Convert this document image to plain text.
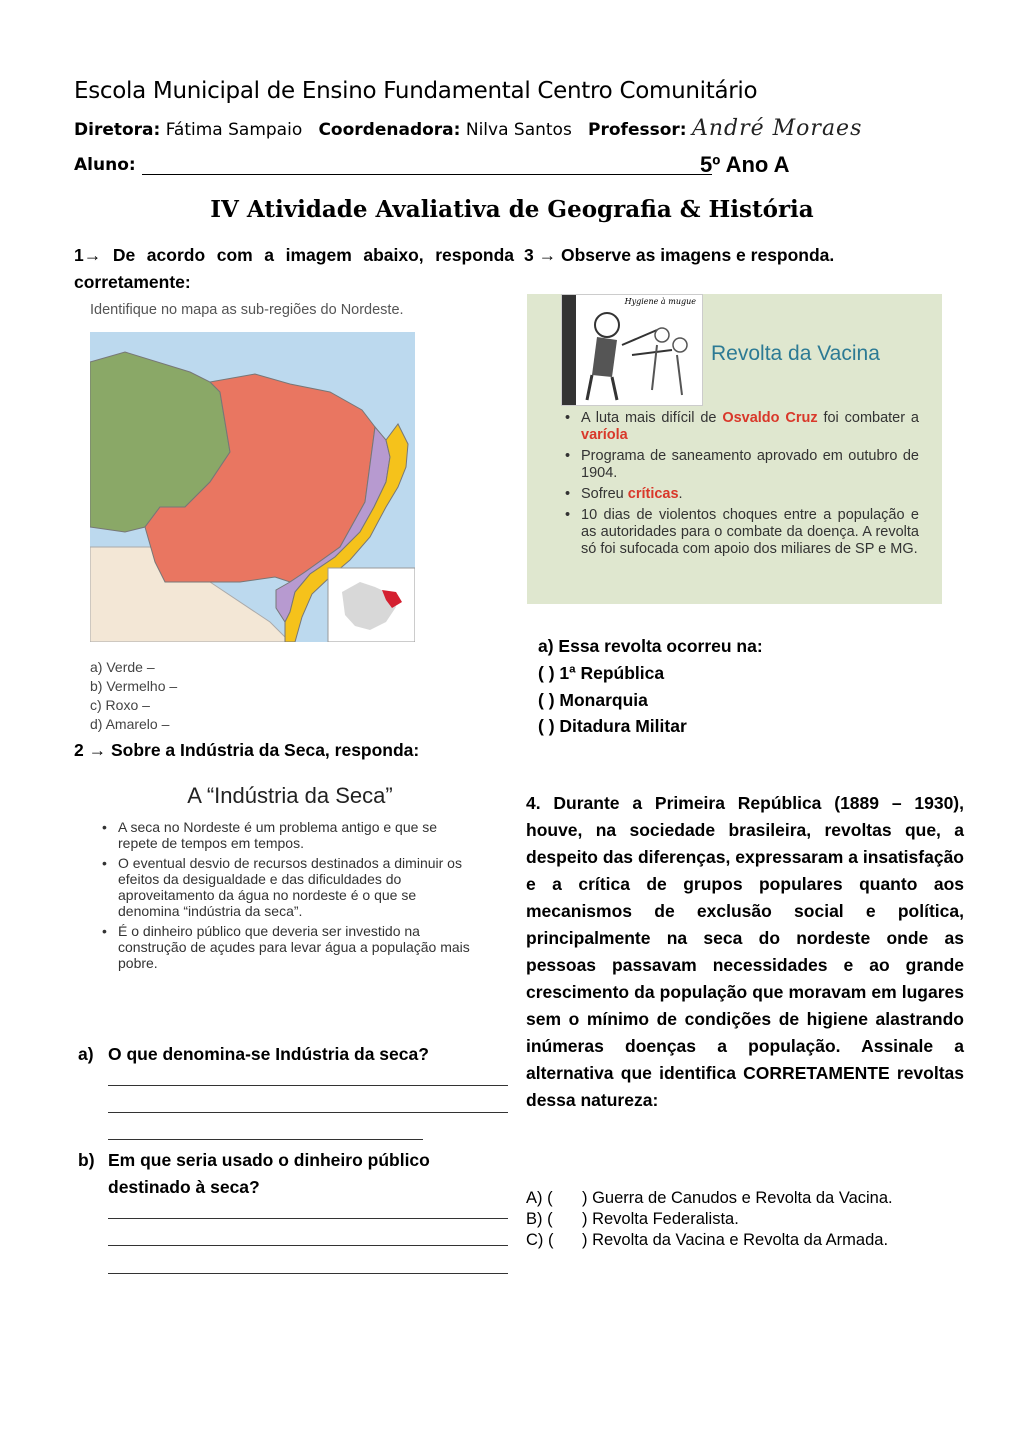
Escola Municipal de Ensino Fundamental Centro Comunitário
Diretora: Fátima Sampaio Coordenadora: Nilva Santos Professor: André Moraes
Aluno:	5º Ano A
IV Atividade Avaliativa de Geografia & História
1→ De acordo com a imagem abaixo, responda corretamente:
Identifique no mapa as sub-regiões do Nordeste.
a) Verde –
b) Vermelho –
c) Roxo –
d) Amarelo –
2 → Sobre a Indústria da Seca, responda:
A “Indústria da Seca”
• A seca no Nordeste é um problema antigo e que se repete de tempos em tempos.
• O eventual desvio de recursos destinados a diminuir os efeitos da desigualdade e das dificuldades do aproveitamento da água no nordeste é o que se denomina “indústria da seca”.
• É o dinheiro público que deveria ser investido na construção de açudes para levar água a população mais pobre.
a) O que denomina-se Indústria da seca?
b) Em que seria usado o dinheiro público destinado à seca?
3 → Observe as imagens e responda.
Hygiene à mugue
Revolta da Vacina
• A luta mais difícil de Osvaldo Cruz foi combater a varíola
• Programa de saneamento aprovado em outubro de 1904.
• Sofreu críticas.
• 10 dias de violentos choques entre a população e as autoridades para o combate da doença. A revolta só foi sufocada com apoio dos miliares de SP e MG.
a) Essa revolta ocorreu na:
( ) 1ª República
( ) Monarquia
( ) Ditadura Militar
4. Durante a Primeira República (1889 – 1930), houve, na sociedade brasileira, revoltas que, a despeito das diferenças, expressaram a insatisfação e a crítica de grupos populares quanto aos mecanismos de exclusão social e política, principalmente na seca do nordeste onde as pessoas passavam necessidades e ao grande crescimento da população que moravam em lugares sem o mínimo de condições de higiene alastrando inúmeras doenças a população. Assinale a alternativa que identifica CORRETAMENTE revoltas dessa natureza:
A) ( ) Guerra de Canudos e Revolta da Vacina.
B) ( ) Revolta Federalista.
C) ( ) Revolta da Vacina e Revolta da Armada.
